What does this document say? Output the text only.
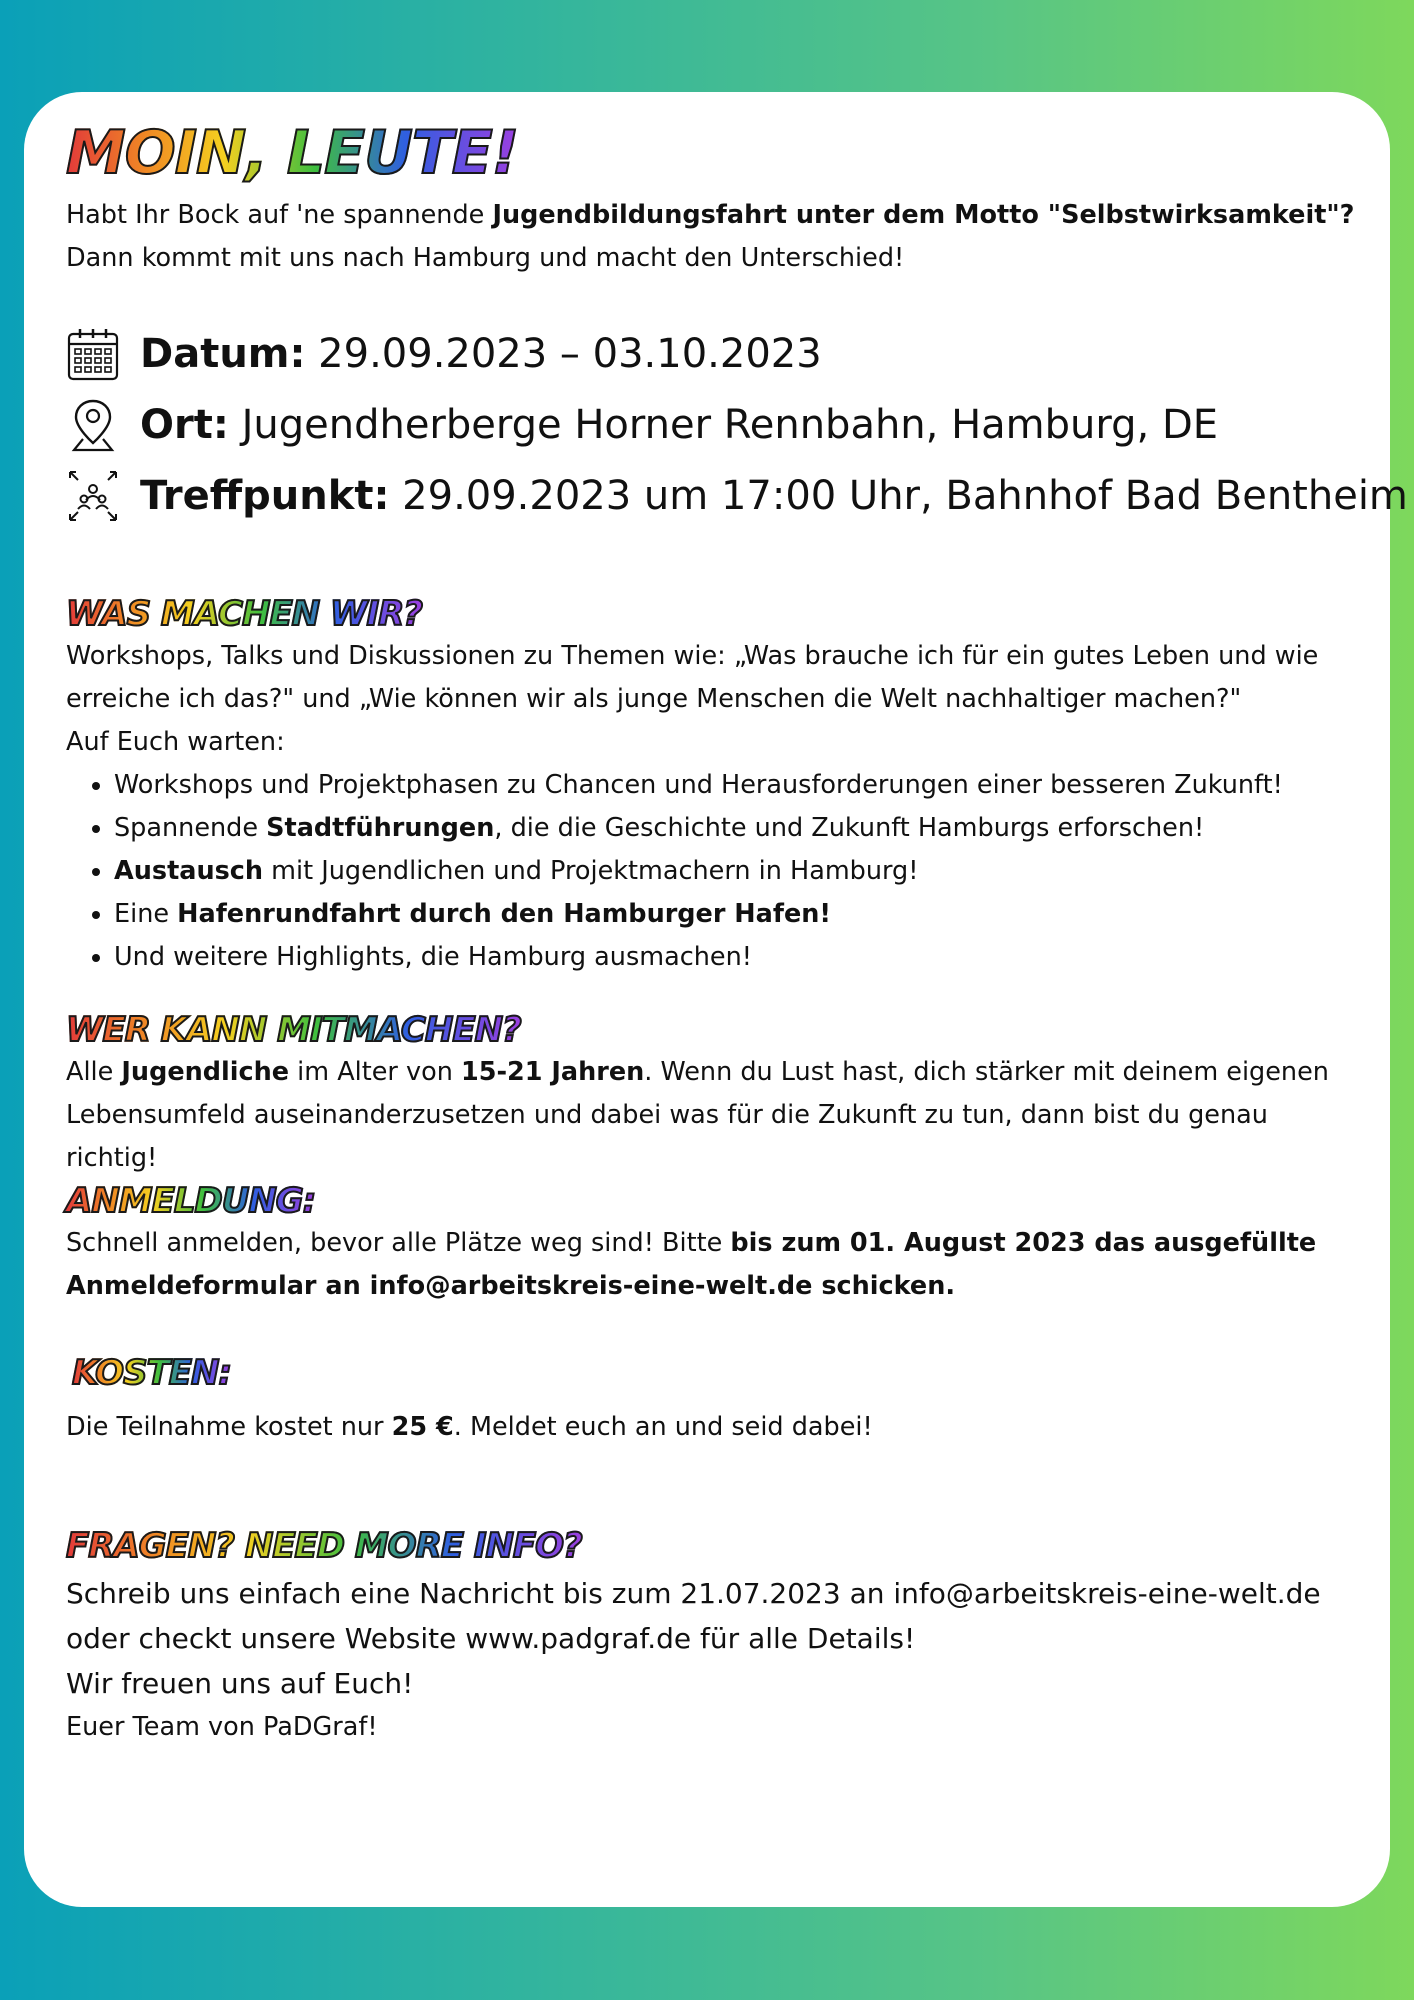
MOIN, LEUTE!

Habt Ihr Bock auf 'ne spannende Jugendbildungsfahrt unter dem Motto "Selbstwirksamkeit"?
Dann kommt mit uns nach Hamburg und macht den Unterschied!

Datum: 29.09.2023 – 03.10.2023
Ort: Jugendherberge Horner Rennbahn, Hamburg, DE
Treffpunkt: 29.09.2023 um 17:00 Uhr, Bahnhof Bad Bentheim
WAS MACHEN WIR?

Workshops, Talks und Diskussionen zu Themen wie: „Was brauche ich für ein gutes Leben und wie erreiche ich das?" und „Wie können wir als junge Menschen die Welt nachhaltiger machen?"

Auf Euch warten:

• Workshops und Projektphasen zu Chancen und Herausforderungen einer besseren Zukunft!
• Spannende Stadtführungen, die die Geschichte und Zukunft Hamburgs erforschen!
• Austausch mit Jugendlichen und Projektmachern in Hamburg!
• Eine Hafenrundfahrt durch den Hamburger Hafen!
• Und weitere Highlights, die Hamburg ausmachen!
WER KANN MITMACHEN?

Alle Jugendliche im Alter von 15-21 Jahren. Wenn du Lust hast, dich stärker mit deinem eigenen Lebensumfeld auseinanderzusetzen und dabei was für die Zukunft zu tun, dann bist du genau richtig!

ANMELDUNG:

Schnell anmelden, bevor alle Plätze weg sind! Bitte bis zum 01. August 2023 das ausgefüllte Anmeldeformular an info@arbeitskreis-eine-welt.de schicken.

KOSTEN:

Die Teilnahme kostet nur 25 €. Meldet euch an und seid dabei!

FRAGEN? NEED MORE INFO?

Schreib uns einfach eine Nachricht bis zum 21.07.2023 an info@arbeitskreis-eine-welt.de oder checkt unsere Website www.padgraf.de für alle Details!

Wir freuen uns auf Euch!

Euer Team von PaDGraf!
